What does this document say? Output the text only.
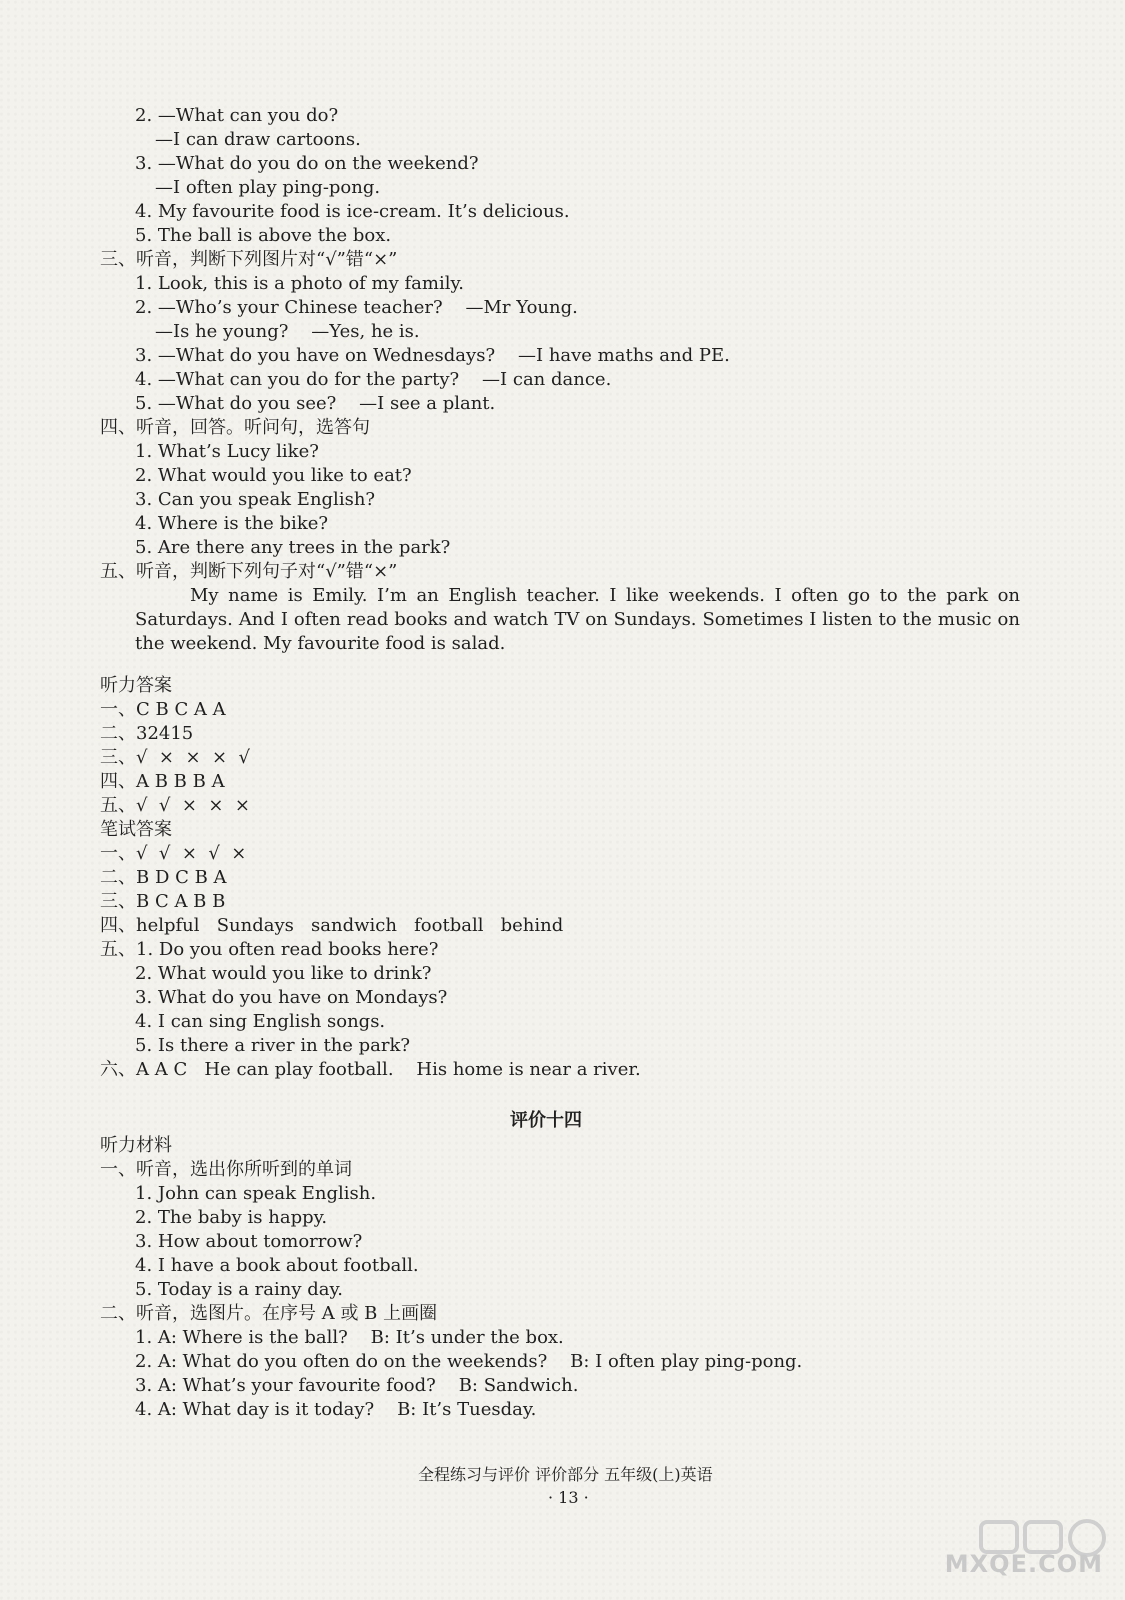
2. —What can you do?
—I can draw cartoons.
3. —What do you do on the weekend?
—I often play ping-pong.
4. My favourite food is ice-cream. It’s delicious.
5. The ball is above the box.
三、听音，判断下列图片对“√”错“×”
1. Look, this is a photo of my family.
2. —Who’s your Chinese teacher?    —Mr Young.
—Is he young?    —Yes, he is.
3. —What do you have on Wednesdays?    —I have maths and PE.
4. —What can you do for the party?    —I can dance.
5. —What do you see?    —I see a plant.
四、听音，回答。听问句，选答句
1. What’s Lucy like?
2. What would you like to eat?
3. Can you speak English?
4. Where is the bike?
5. Are there any trees in the park?
五、听音，判断下列句子对“√”错“×”
My name is Emily. I’m an English teacher. I like weekends. I often go to the park on Saturdays. And I often read books and watch TV on Sundays. Sometimes I listen to the music on the weekend. My favourite food is salad.
听力答案
一、C B C A A
二、32415
三、√  ×  ×  ×  √
四、A B B B A
五、√  √  ×  ×  ×
笔试答案
一、√  √  ×  √  ×
二、B D C B A
三、B C A B B
四、helpful   Sundays   sandwich   football   behind
五、1. Do you often read books here?
2. What would you like to drink?
3. What do you have on Mondays?
4. I can sing English songs.
5. Is there a river in the park?
六、A A C   He can play football.    His home is near a river.
评价十四
听力材料
一、听音，选出你所听到的单词
1. John can speak English.
2. The baby is happy.
3. How about tomorrow?
4. I have a book about football.
5. Today is a rainy day.
二、听音，选图片。在序号 A 或 B 上画圈
1. A: Where is the ball?    B: It’s under the box.
2. A: What do you often do on the weekends?    B: I often play ping-pong.
3. A: What’s your favourite food?    B: Sandwich.
4. A: What day is it today?    B: It’s Tuesday.
全程练习与评价 评价部分 五年级(上)英语
· 13 ·
MXQE.COM
